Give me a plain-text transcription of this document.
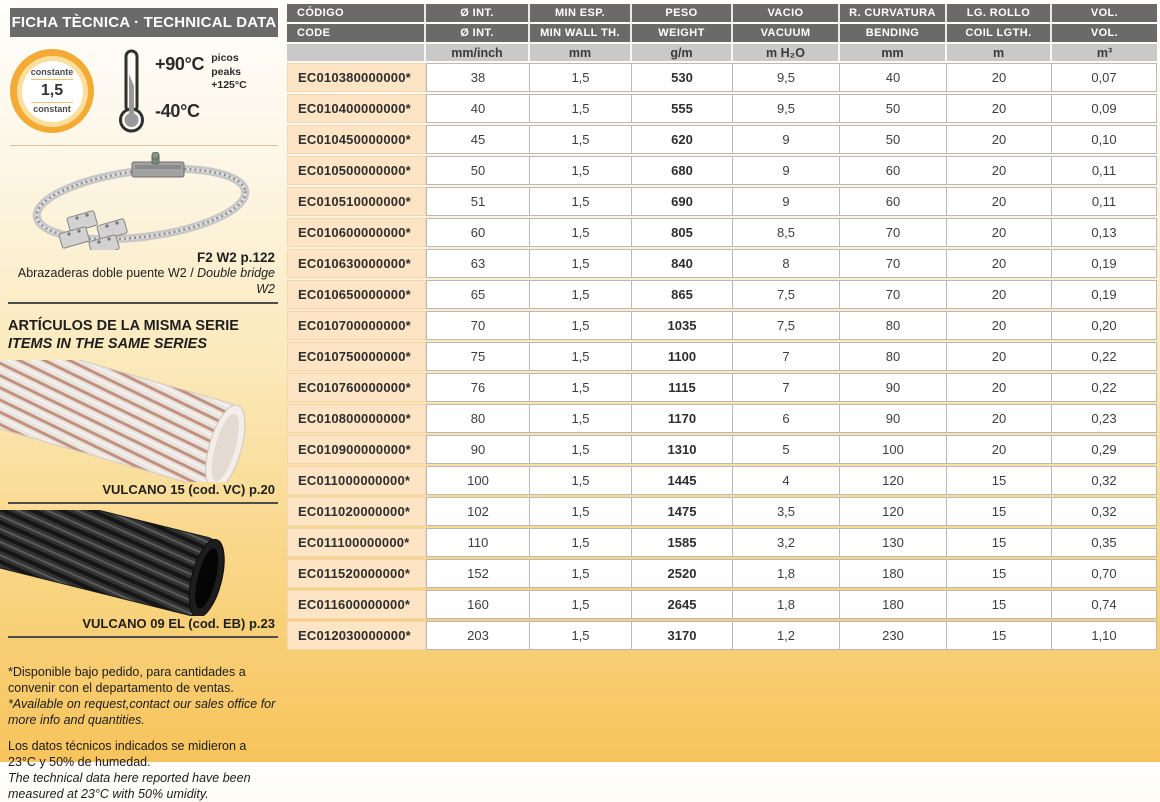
FICHA TÈCNICA · TECHNICAL DATA
constante
1,5
constant
+90°C
-40°C
picos
peaks
+125°C
F2 W2 p.122
Abrazaderas doble puente W2 / Double bridge W2
ARTÍCULOS DE LA MISMA SERIE
ITEMS IN THE SAME SERIES
VULCANO 15 (cod. VC) p.20
VULCANO 09 EL (cod. EB) p.23

*Disponible bajo pedido, para cantidades a convenir con el departamento de ventas.
*Available on request,contact our sales office for more info and quantities.

Los datos técnicos indicados se midieron a 23°C y 50% de humedad.
The technical data here reported have been measured at 23°C with 50% umidity.

CÓDIGO	Ø INT.	MIN ESP.	PESO	VACIO	R. CURVATURA	LG. ROLLO	VOL.
CODE	Ø INT.	MIN WALL TH.	WEIGHT	VACUUM	BENDING	COIL LGTH.	VOL.
	mm/inch	mm	g/m	m H₂O	mm	m	m³
EC010380000000*	38	1,5	530	9,5	40	20	0,07
EC010400000000*	40	1,5	555	9,5	50	20	0,09
EC010450000000*	45	1,5	620	9	50	20	0,10
EC010500000000*	50	1,5	680	9	60	20	0,11
EC010510000000*	51	1,5	690	9	60	20	0,11
EC010600000000*	60	1,5	805	8,5	70	20	0,13
EC010630000000*	63	1,5	840	8	70	20	0,19
EC010650000000*	65	1,5	865	7,5	70	20	0,19
EC010700000000*	70	1,5	1035	7,5	80	20	0,20
EC010750000000*	75	1,5	1100	7	80	20	0,22
EC010760000000*	76	1,5	1115	7	90	20	0,22
EC010800000000*	80	1,5	1170	6	90	20	0,23
EC010900000000*	90	1,5	1310	5	100	20	0,29
EC011000000000*	100	1,5	1445	4	120	15	0,32
EC011020000000*	102	1,5	1475	3,5	120	15	0,32
EC011100000000*	110	1,5	1585	3,2	130	15	0,35
EC011520000000*	152	1,5	2520	1,8	180	15	0,70
EC011600000000*	160	1,5	2645	1,8	180	15	0,74
EC012030000000*	203	1,5	3170	1,2	230	15	1,10
